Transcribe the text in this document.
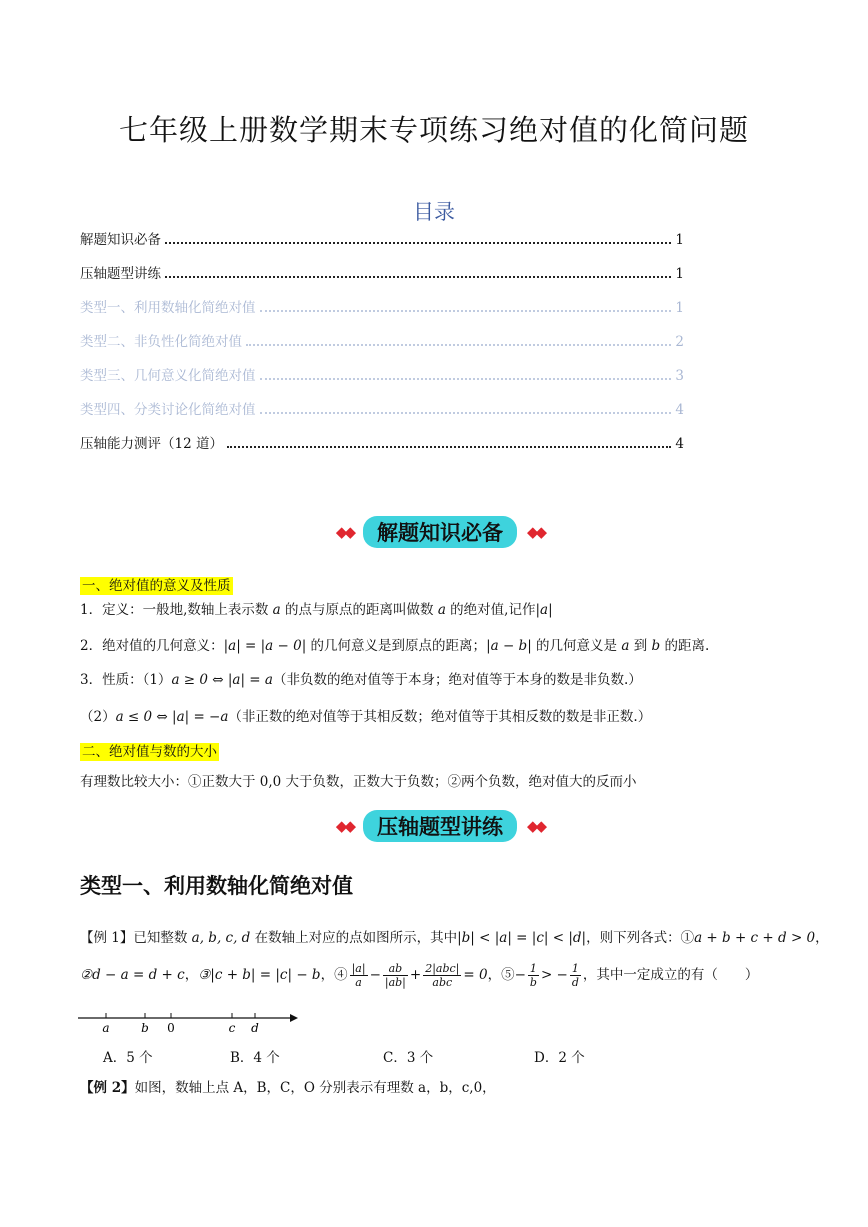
七年级上册数学期末专项练习绝对值的化简问题
目录
解题知识必备	1
压轴题型讲练	1
类型一、利用数轴化简绝对值	1
类型二、非负性化简绝对值	2
类型三、几何意义化简绝对值	3
类型四、分类讨论化简绝对值	4
压轴能力测评（12 道）	4
◆◆	解题知识必备	◆◆
一、绝对值的意义及性质
1．定义：一般地,数轴上表示数 a 的点与原点的距离叫做数 a 的绝对值,记作|a|
2．绝对值的几何意义：|a| = |a − 0| 的几何意义是到原点的距离；|a − b| 的几何意义是 a 到 b 的距离.
3．性质：（1）a ≥ 0 ⇔ |a| = a（非负数的绝对值等于本身；绝对值等于本身的数是非负数.）
（2）a ≤ 0 ⇔ |a| = −a（非正数的绝对值等于其相反数；绝对值等于其相反数的数是非正数.）
二、绝对值与数的大小
有理数比较大小：①正数大于 0,0 大于负数，正数大于负数；②两个负数，绝对值大的反而小
◆◆	压轴题型讲练	◆◆
类型一、利用数轴化简绝对值
【例 1】已知整数 a, b, c, d 在数轴上对应的点如图所示，其中|b| < |a| = |c| < |d|，则下列各式：①a + b + c + d > 0，
②d − a = d + c，③|c + b| = |c| − b，④ $\frac{|a|}{a} - \frac{ab}{|ab|} + \frac{\text{2|abc|}}{\text{abc}} = 0$，⑤− $\frac{1}{b}$ > − $\frac{1}{d}$ ，其中一定成立的有（　　）
a	b 0	c d
A．5 个	B．4 个	C．3 个	D．2 个
【例 2】如图，数轴上点 A，B，C，O 分别表示有理数 a，b，c,0，
